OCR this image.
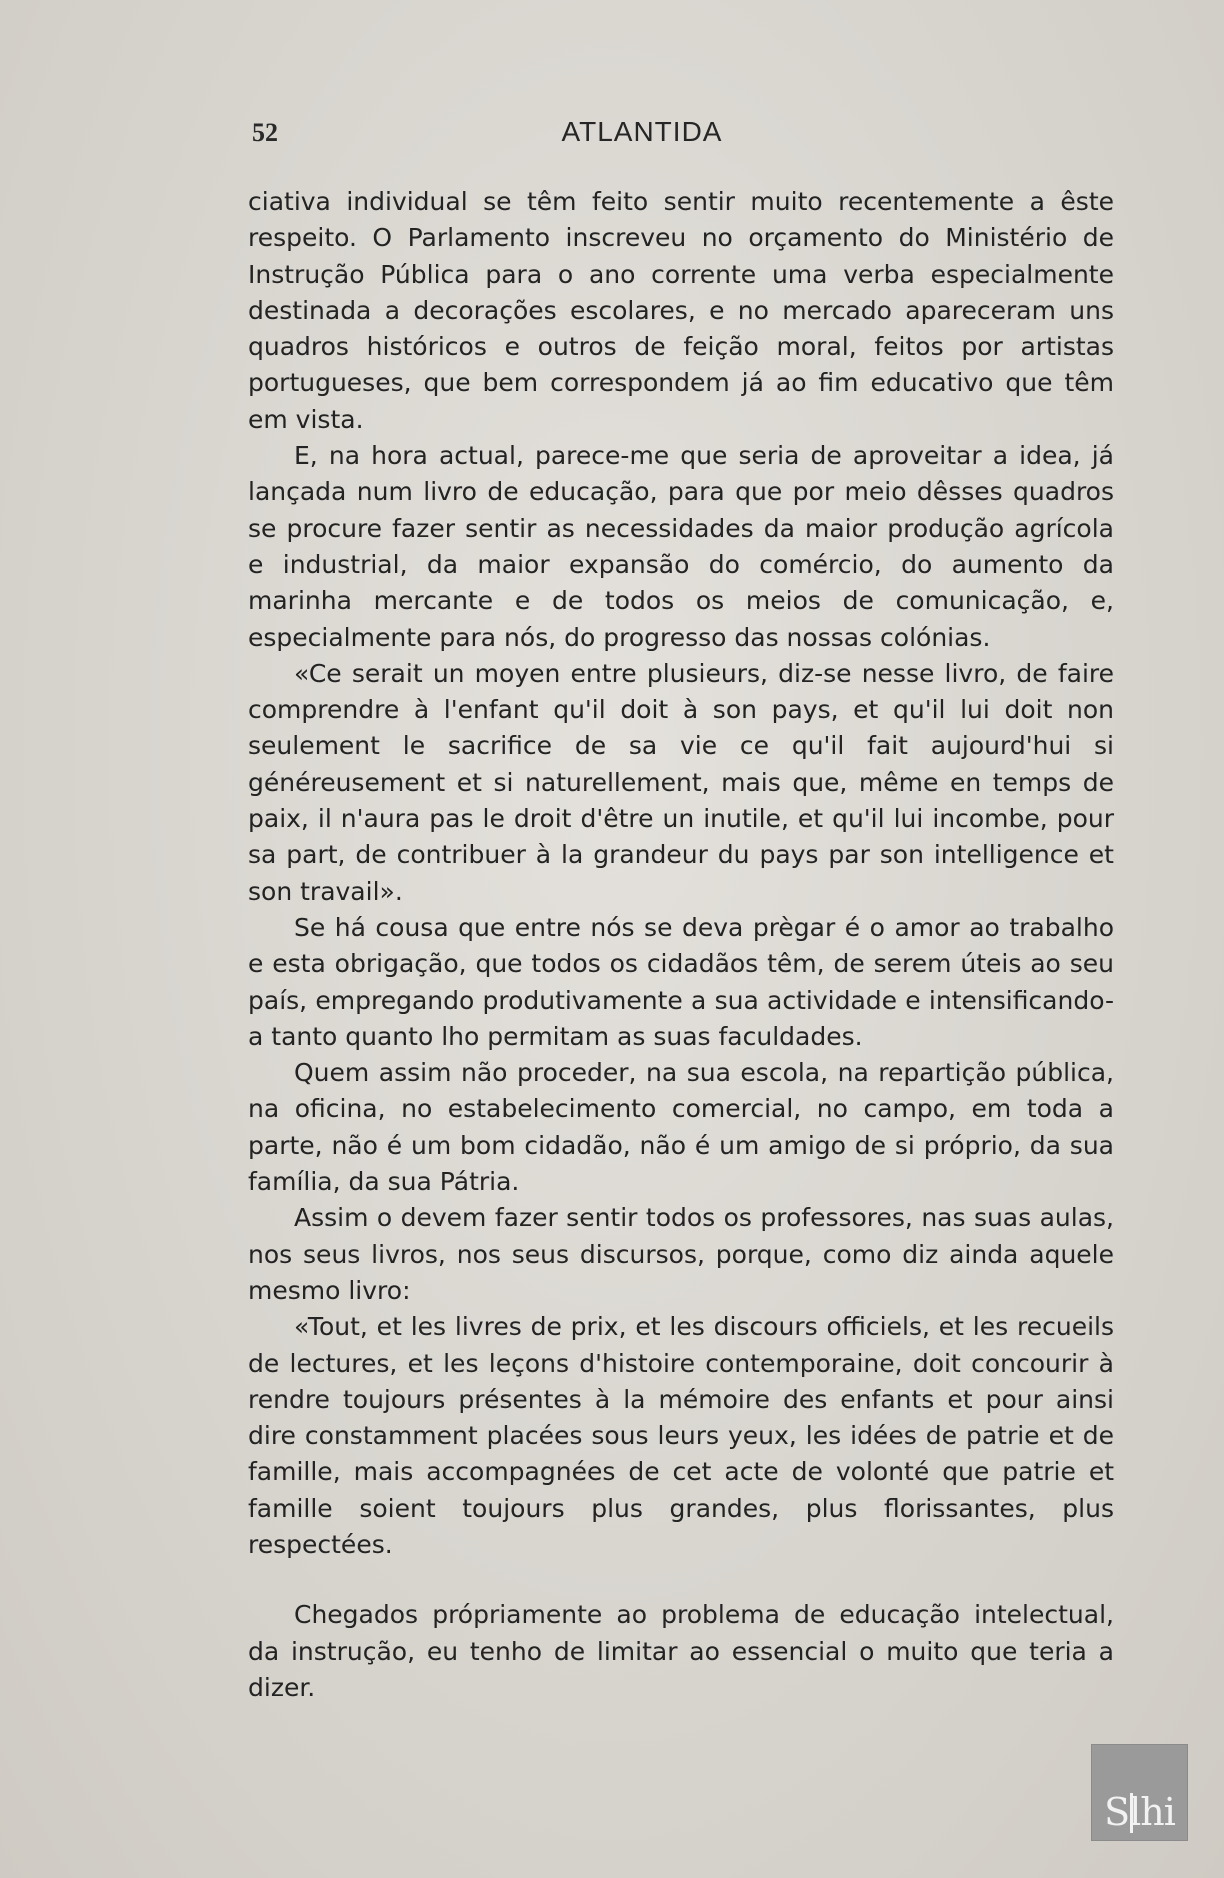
52	ATLANTIDA

ciativa individual se têm feito sentir muito recentemente a êste respeito. O Parlamento inscreveu no orçamento do Ministério de Instrução Pública para o ano corrente uma verba especialmente destinada a decorações escolares, e no mercado apareceram uns quadros históricos e outros de feição moral, feitos por artistas portugueses, que bem correspondem já ao fim educativo que têm em vista.

E, na hora actual, parece-me que seria de aproveitar a idea, já lançada num livro de educação, para que por meio dêsses quadros se procure fazer sentir as necessidades da maior produção agrícola e industrial, da maior expansão do comércio, do aumento da marinha mercante e de todos os meios de comunicação, e, especialmente para nós, do progresso das nossas colónias.

«Ce serait un moyen entre plusieurs, diz-se nesse livro, de faire comprendre à l'enfant qu'il doit à son pays, et qu'il lui doit non seulement le sacrifice de sa vie ce qu'il fait aujourd'hui si généreusement et si naturellement, mais que, même en temps de paix, il n'aura pas le droit d'être un inutile, et qu'il lui incombe, pour sa part, de contribuer à la grandeur du pays par son intelligence et son travail».

Se há cousa que entre nós se deva prègar é o amor ao trabalho e esta obrigação, que todos os cidadãos têm, de serem úteis ao seu país, empregando produtivamente a sua actividade e intensificando-a tanto quanto lho permitam as suas faculdades.

Quem assim não proceder, na sua escola, na repartição pública, na oficina, no estabelecimento comercial, no campo, em toda a parte, não é um bom cidadão, não é um amigo de si próprio, da sua família, da sua Pátria.

Assim o devem fazer sentir todos os professores, nas suas aulas, nos seus livros, nos seus discursos, porque, como diz ainda aquele mesmo livro:

«Tout, et les livres de prix, et les discours officiels, et les recueils de lectures, et les leçons d'histoire contemporaine, doit concourir à rendre toujours présentes à la mémoire des enfants et pour ainsi dire constamment placées sous leurs yeux, les idées de patrie et de famille, mais accompagnées de cet acte de volonté que patrie et famille soient toujours plus grandes, plus florissantes, plus respectées.

Chegados própriamente ao problema de educação intelectual, da instrução, eu tenho de limitar ao essencial o muito que teria a dizer.

Slhi
